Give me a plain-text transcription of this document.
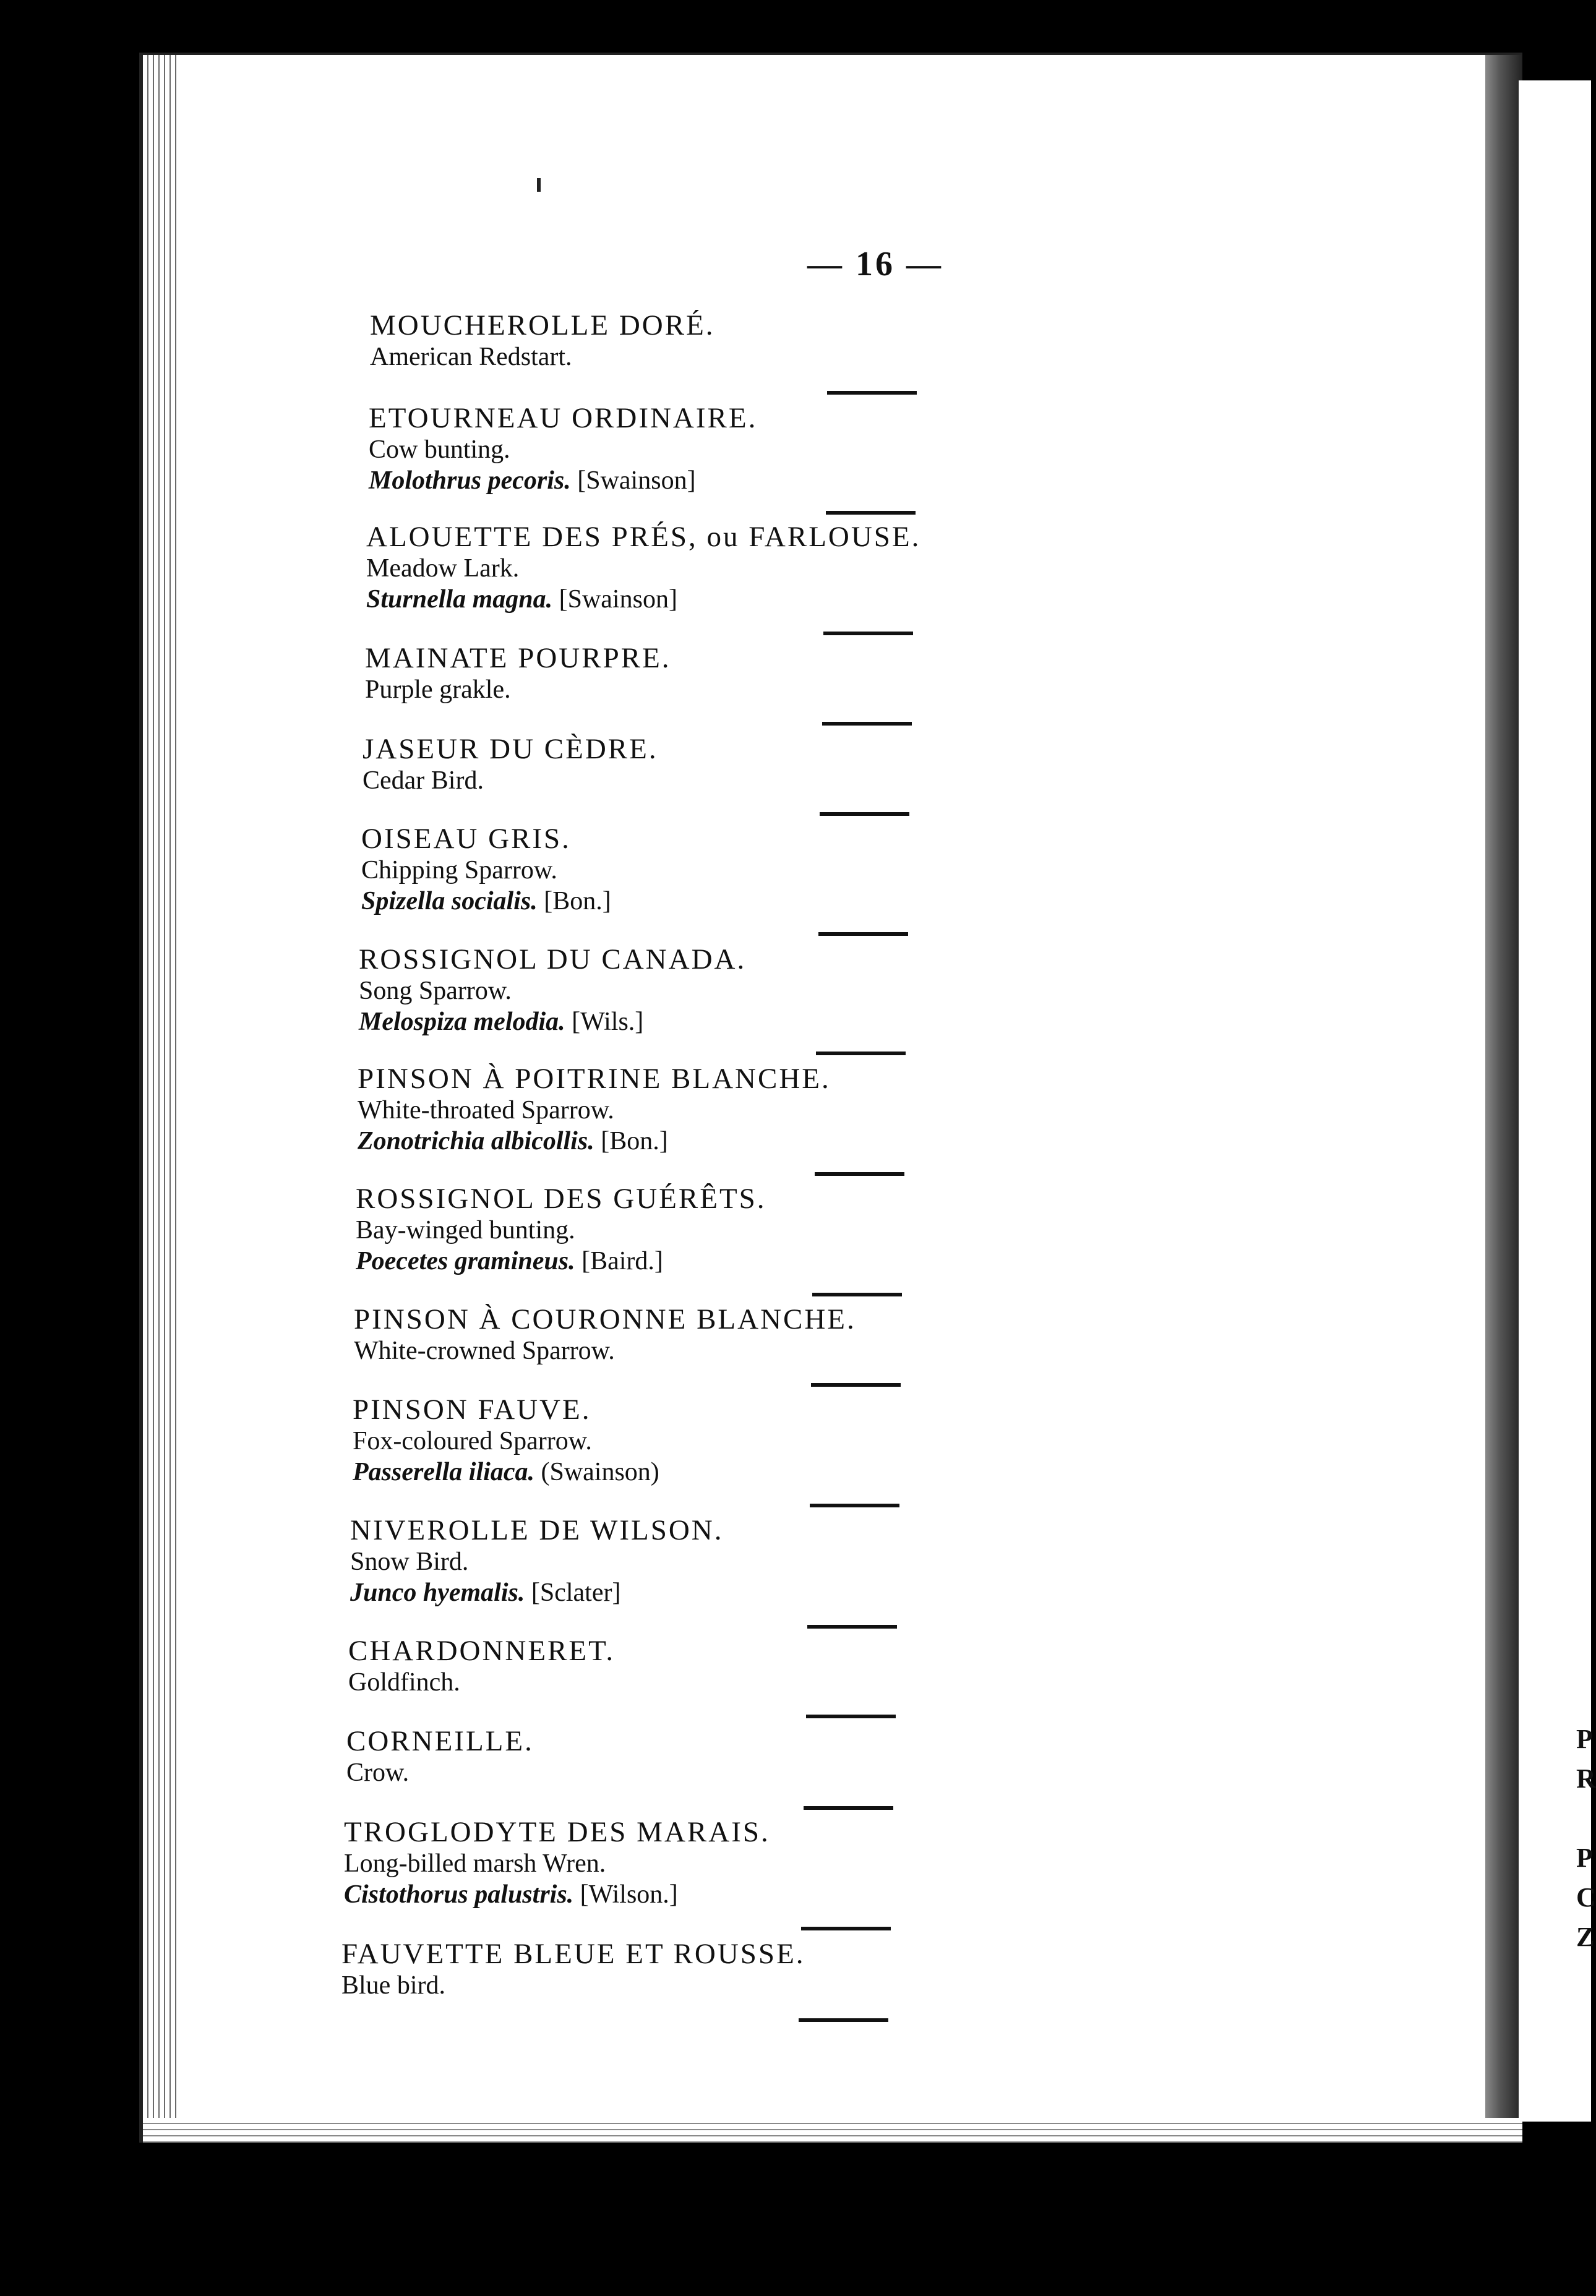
P
R

P
C
Z
— 16 —
MOUCHEROLLE DORÉ.
American Redstart.
ETOURNEAU ORDINAIRE.
Cow bunting.
Molothrus pecoris. [Swainson]
ALOUETTE DES PRÉS, ou FARLOUSE.
Meadow Lark.
Sturnella magna. [Swainson]
MAINATE POURPRE.
Purple grakle.
JASEUR DU CÈDRE.
Cedar Bird.
OISEAU GRIS.
Chipping Sparrow.
Spizella socialis. [Bon.]
ROSSIGNOL DU CANADA.
Song Sparrow.
Melospiza melodia. [Wils.]
PINSON À POITRINE BLANCHE.
White-throated Sparrow.
Zonotrichia albicollis. [Bon.]
ROSSIGNOL DES GUÉRÊTS.
Bay-winged bunting.
Poecetes gramineus. [Baird.]
PINSON À COURONNE BLANCHE.
White-crowned Sparrow.
PINSON FAUVE.
Fox-coloured Sparrow.
Passerella iliaca. (Swainson)
NIVEROLLE DE WILSON.
Snow Bird.
Junco hyemalis. [Sclater]
CHARDONNERET.
Goldfinch.
CORNEILLE.
Crow.
TROGLODYTE DES MARAIS.
Long-billed marsh Wren.
Cistothorus palustris. [Wilson.]
FAUVETTE BLEUE ET ROUSSE.
Blue bird.
